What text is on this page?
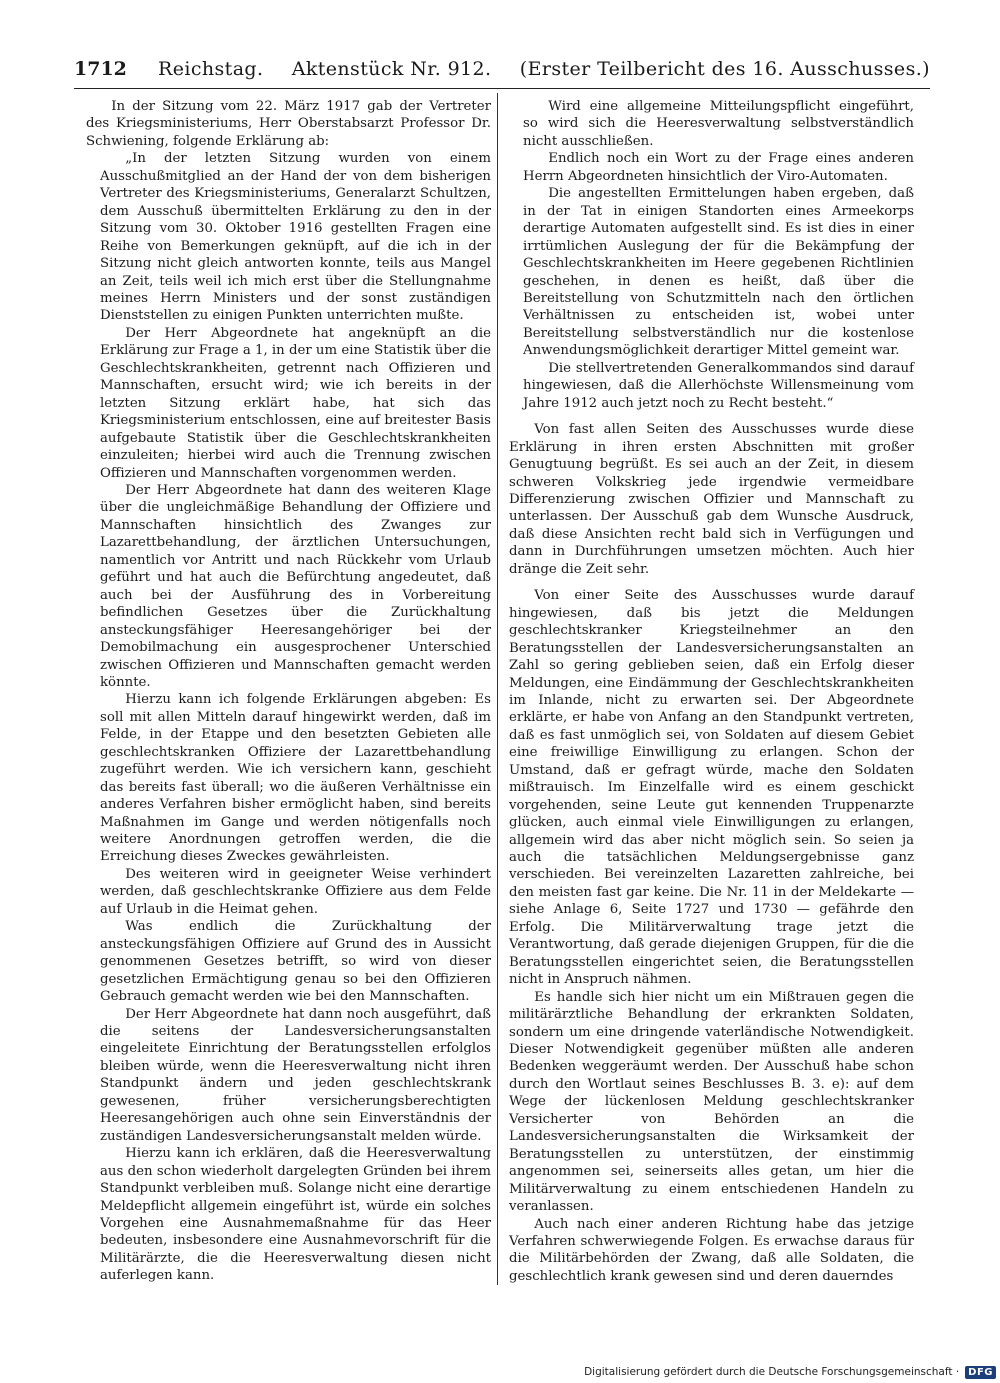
1712	Reichstag. Aktenstück Nr. 912. (Erster Teilbericht des 16. Ausschusses.)

In der Sitzung vom 22. März 1917 gab der Vertreter des Kriegsministeriums, Herr Oberstabsarzt Professor Dr. Schwiening, folgende Erklärung ab:

„In der letzten Sitzung wurden von einem Ausschußmitglied an der Hand der von dem bisherigen Vertreter des Kriegsministeriums, Generalarzt Schultzen, dem Ausschuß übermittelten Erklärung zu den in der Sitzung vom 30. Oktober 1916 gestellten Fragen eine Reihe von Bemerkungen geknüpft, auf die ich in der Sitzung nicht gleich antworten konnte, teils aus Mangel an Zeit, teils weil ich mich erst über die Stellungnahme meines Herrn Ministers und der sonst zuständigen Dienststellen zu einigen Punkten unterrichten mußte.

Der Herr Abgeordnete hat angeknüpft an die Erklärung zur Frage a 1, in der um eine Statistik über die Geschlechtskrankheiten, getrennt nach Offizieren und Mannschaften, ersucht wird; wie ich bereits in der letzten Sitzung erklärt habe, hat sich das Kriegsministerium entschlossen, eine auf breitester Basis aufgebaute Statistik über die Geschlechtskrankheiten einzuleiten; hierbei wird auch die Trennung zwischen Offizieren und Mannschaften vorgenommen werden.

Der Herr Abgeordnete hat dann des weiteren Klage über die ungleichmäßige Behandlung der Offiziere und Mannschaften hinsichtlich des Zwanges zur Lazarettbehandlung, der ärztlichen Untersuchungen, namentlich vor Antritt und nach Rückkehr vom Urlaub geführt und hat auch die Befürchtung angedeutet, daß auch bei der Ausführung des in Vorbereitung befindlichen Gesetzes über die Zurückhaltung ansteckungsfähiger Heeresangehöriger bei der Demobilmachung ein ausgesprochener Unterschied zwischen Offizieren und Mannschaften gemacht werden könnte.

Hierzu kann ich folgende Erklärungen abgeben: Es soll mit allen Mitteln darauf hingewirkt werden, daß im Felde, in der Etappe und den besetzten Gebieten alle geschlechtskranken Offiziere der Lazarettbehandlung zugeführt werden. Wie ich versichern kann, geschieht das bereits fast überall; wo die äußeren Verhältnisse ein anderes Verfahren bisher ermöglicht haben, sind bereits Maßnahmen im Gange und werden nötigenfalls noch weitere Anordnungen getroffen werden, die die Erreichung dieses Zweckes gewährleisten.

Des weiteren wird in geeigneter Weise verhindert werden, daß geschlechtskranke Offiziere aus dem Felde auf Urlaub in die Heimat gehen.

Was endlich die Zurückhaltung der ansteckungsfähigen Offiziere auf Grund des in Aussicht genommenen Gesetzes betrifft, so wird von dieser gesetzlichen Ermächtigung genau so bei den Offizieren Gebrauch gemacht werden wie bei den Mannschaften.

Der Herr Abgeordnete hat dann noch ausgeführt, daß die seitens der Landesversicherungsanstalten eingeleitete Einrichtung der Beratungsstellen erfolglos bleiben würde, wenn die Heeresverwaltung nicht ihren Standpunkt ändern und jeden geschlechtskrank gewesenen, früher versicherungsberechtigten Heeresangehörigen auch ohne sein Einverständnis der zuständigen Landesversicherungsanstalt melden würde.

Hierzu kann ich erklären, daß die Heeresverwaltung aus den schon wiederholt dargelegten Gründen bei ihrem Standpunkt verbleiben muß. Solange nicht eine derartige Meldepflicht allgemein eingeführt ist, würde ein solches Vorgehen eine Ausnahmemaßnahme für das Heer bedeuten, insbesondere eine Ausnahmevorschrift für die Militärärzte, die die Heeresverwaltung diesen nicht auferlegen kann.

Wird eine allgemeine Mitteilungspflicht eingeführt, so wird sich die Heeresverwaltung selbstverständlich nicht ausschließen.

Endlich noch ein Wort zu der Frage eines anderen Herrn Abgeordneten hinsichtlich der Viro-Automaten.

Die angestellten Ermittelungen haben ergeben, daß in der Tat in einigen Standorten eines Armeekorps derartige Automaten aufgestellt sind. Es ist dies in einer irrtümlichen Auslegung der für die Bekämpfung der Geschlechtskrankheiten im Heere gegebenen Richtlinien geschehen, in denen es heißt, daß über die Bereitstellung von Schutzmitteln nach den örtlichen Verhältnissen zu entscheiden ist, wobei unter Bereitstellung selbstverständlich nur die kostenlose Anwendungsmöglichkeit derartiger Mittel gemeint war.

Die stellvertretenden Generalkommandos sind darauf hingewiesen, daß die Allerhöchste Willensmeinung vom Jahre 1912 auch jetzt noch zu Recht besteht.“

Von fast allen Seiten des Ausschusses wurde diese Erklärung in ihren ersten Abschnitten mit großer Genugtuung begrüßt. Es sei auch an der Zeit, in diesem schweren Volkskrieg jede irgendwie vermeidbare Differenzierung zwischen Offizier und Mannschaft zu unterlassen. Der Ausschuß gab dem Wunsche Ausdruck, daß diese Ansichten recht bald sich in Verfügungen und dann in Durchführungen umsetzen möchten. Auch hier dränge die Zeit sehr.

Von einer Seite des Ausschusses wurde darauf hingewiesen, daß bis jetzt die Meldungen geschlechtskranker Kriegsteilnehmer an den Beratungsstellen der Landesversicherungsanstalten an Zahl so gering geblieben seien, daß ein Erfolg dieser Meldungen, eine Eindämmung der Geschlechtskrankheiten im Inlande, nicht zu erwarten sei. Der Abgeordnete erklärte, er habe von Anfang an den Standpunkt vertreten, daß es fast unmöglich sei, von Soldaten auf diesem Gebiet eine freiwillige Einwilligung zu erlangen. Schon der Umstand, daß er gefragt würde, mache den Soldaten mißtrauisch. Im Einzelfalle wird es einem geschickt vorgehenden, seine Leute gut kennenden Truppenarzte glücken, auch einmal viele Einwilligungen zu erlangen, allgemein wird das aber nicht möglich sein. So seien ja auch die tatsächlichen Meldungsergebnisse ganz verschieden. Bei vereinzelten Lazaretten zahlreiche, bei den meisten fast gar keine. Die Nr. 11 in der Meldekarte — siehe Anlage 6, Seite 1727 und 1730 — gefährde den Erfolg. Die Militärverwaltung trage jetzt die Verantwortung, daß gerade diejenigen Gruppen, für die die Beratungsstellen eingerichtet seien, die Beratungsstellen nicht in Anspruch nähmen.

Es handle sich hier nicht um ein Mißtrauen gegen die militärärztliche Behandlung der erkrankten Soldaten, sondern um eine dringende vaterländische Notwendigkeit. Dieser Notwendigkeit gegenüber müßten alle anderen Bedenken weggeräumt werden. Der Ausschuß habe schon durch den Wortlaut seines Beschlusses B. 3. e): auf dem Wege der lückenlosen Meldung geschlechtskranker Versicherter von Behörden an die Landesversicherungsanstalten die Wirksamkeit der Beratungsstellen zu unterstützen, der einstimmig angenommen sei, seinerseits alles getan, um hier die Militärverwaltung zu einem entschiedenen Handeln zu veranlassen.

Auch nach einer anderen Richtung habe das jetzige Verfahren schwerwiegende Folgen. Es erwachse daraus für die Militärbehörden der Zwang, daß alle Soldaten, die geschlechtlich krank gewesen sind und deren dauerndes

Digitalisierung gefördert durch die Deutsche Forschungsgemeinschaft · DFG
